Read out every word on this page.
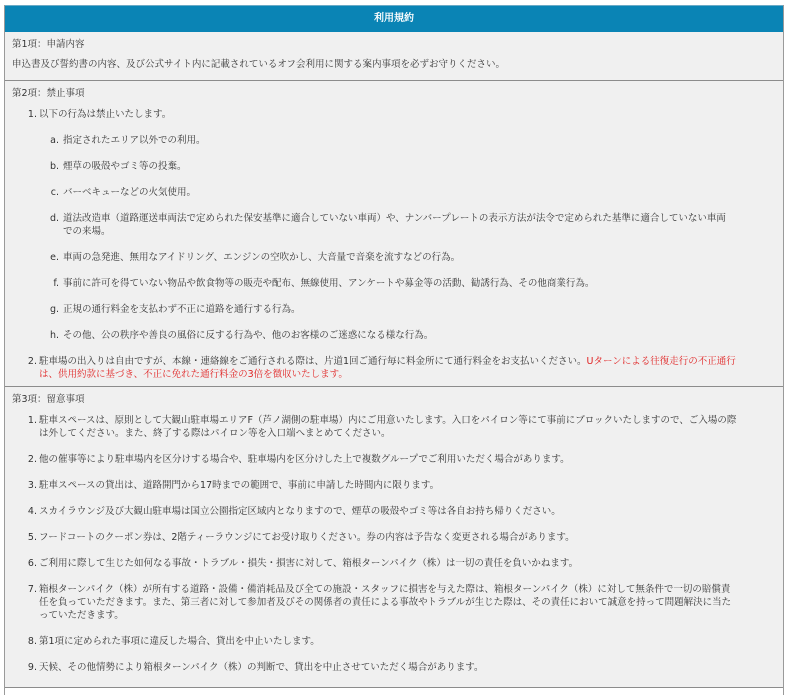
利用規約
第1項：申請内容
申込書及び誓約書の内容、及び公式サイト内に記載されているオフ会利用に関する案内事項を必ずお守りください。
第2項：禁止事項
1. 以下の行為は禁止いたします。
a. 指定されたエリア以外での利用。
b. 煙草の吸殻やゴミ等の投棄。
c. バーベキューなどの火気使用。
d. 道法改造車（道路運送車両法で定められた保安基準に適合していない車両）や、ナンバープレートの表示方法が法令で定められた基準に適合していない車両
での来場。
e. 車両の急発進、無用なアイドリング、エンジンの空吹かし、大音量で音楽を流すなどの行為。
f. 事前に許可を得ていない物品や飲食物等の販売や配布、無線使用、アンケートや募金等の活動、勧誘行為、その他商業行為。
g. 正規の通行料金を支払わず不正に道路を通行する行為。
h. その他、公の秩序や善良の風俗に反する行為や、他のお客様のご迷惑になる様な行為。
2. 駐車場の出入りは自由ですが、本線・連絡線をご通行される際は、片道1回ご通行毎に料金所にて通行料金をお支払いください。Uターンによる往復走行の不正通行
は、供用約款に基づき、不正に免れた通行料金の3倍を徴収いたします。
第3項：留意事項
1. 駐車スペースは、原則として大観山駐車場エリアF（芦ノ湖側の駐車場）内にご用意いたします。入口をパイロン等にて事前にブロックいたしますので、ご入場の際
は外してください。また、終了する際はパイロン等を入口端へまとめてください。
2. 他の催事等により駐車場内を区分けする場合や、駐車場内を区分けした上で複数グループでご利用いただく場合があります。
3. 駐車スペースの貸出は、道路開門から17時までの範囲で、事前に申請した時間内に限ります。
4. スカイラウンジ及び大観山駐車場は国立公園指定区域内となりますので、煙草の吸殻やゴミ等は各自お持ち帰りください。
5. フードコートのクーポン券は、2階ティーラウンジにてお受け取りください。券の内容は予告なく変更される場合があります。
6. ご利用に際して生じた如何なる事故・トラブル・損失・損害に対して、箱根ターンパイク（株）は一切の責任を負いかねます。
7. 箱根ターンパイク（株）が所有する道路・設備・備消耗品及び全ての施設・スタッフに損害を与えた際は、箱根ターンパイク（株）に対して無条件で一切の賠償責
任を負っていただきます。また、第三者に対して参加者及びその関係者の責任による事故やトラブルが生じた際は、その責任において誠意を持って問題解決に当た
っていただきます。
8. 第1項に定められた事項に違反した場合、貸出を中止いたします。
9. 天候、その他情勢により箱根ターンパイク（株）の判断で、貸出を中止させていただく場合があります。
